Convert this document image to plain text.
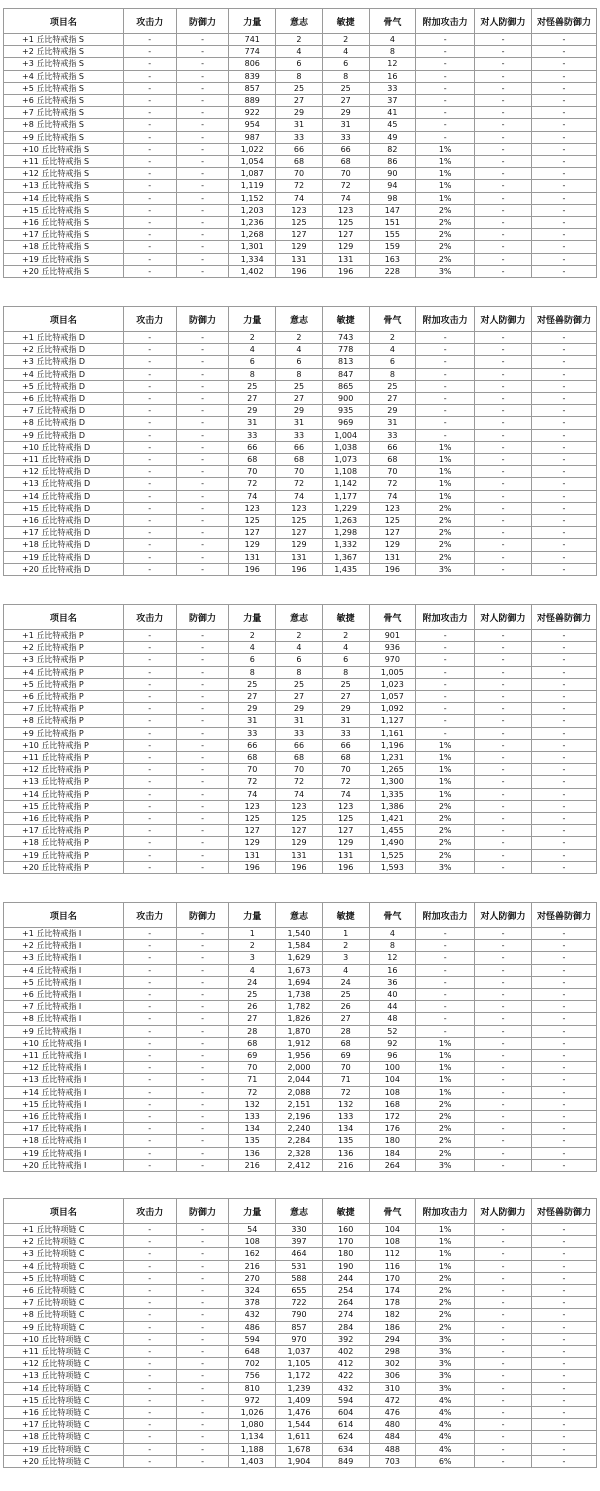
项目名	攻击力	防御力	力量	意志	敏捷	骨气	附加攻击力	对人防御力	对怪兽防御力
+1 丘比特戒指 S	-	-	741	2	2	4	-	-	-
+2 丘比特戒指 S	-	-	774	4	4	8	-	-	-
+3 丘比特戒指 S	-	-	806	6	6	12	-	-	-
+4 丘比特戒指 S	-	-	839	8	8	16	-	-	-
+5 丘比特戒指 S	-	-	857	25	25	33	-	-	-
+6 丘比特戒指 S	-	-	889	27	27	37	-	-	-
+7 丘比特戒指 S	-	-	922	29	29	41	-	-	-
+8 丘比特戒指 S	-	-	954	31	31	45	-	-	-
+9 丘比特戒指 S	-	-	987	33	33	49	-	-	-
+10 丘比特戒指 S	-	-	1,022	66	66	82	1%	-	-
+11 丘比特戒指 S	-	-	1,054	68	68	86	1%	-	-
+12 丘比特戒指 S	-	-	1,087	70	70	90	1%	-	-
+13 丘比特戒指 S	-	-	1,119	72	72	94	1%	-	-
+14 丘比特戒指 S	-	-	1,152	74	74	98	1%	-	-
+15 丘比特戒指 S	-	-	1,203	123	123	147	2%	-	-
+16 丘比特戒指 S	-	-	1,236	125	125	151	2%	-	-
+17 丘比特戒指 S	-	-	1,268	127	127	155	2%	-	-
+18 丘比特戒指 S	-	-	1,301	129	129	159	2%	-	-
+19 丘比特戒指 S	-	-	1,334	131	131	163	2%	-	-
+20 丘比特戒指 S	-	-	1,402	196	196	228	3%	-	-
项目名	攻击力	防御力	力量	意志	敏捷	骨气	附加攻击力	对人防御力	对怪兽防御力
+1 丘比特戒指 D	-	-	2	2	743	2	-	-	-
+2 丘比特戒指 D	-	-	4	4	778	4	-	-	-
+3 丘比特戒指 D	-	-	6	6	813	6	-	-	-
+4 丘比特戒指 D	-	-	8	8	847	8	-	-	-
+5 丘比特戒指 D	-	-	25	25	865	25	-	-	-
+6 丘比特戒指 D	-	-	27	27	900	27	-	-	-
+7 丘比特戒指 D	-	-	29	29	935	29	-	-	-
+8 丘比特戒指 D	-	-	31	31	969	31	-	-	-
+9 丘比特戒指 D	-	-	33	33	1,004	33	-	-	-
+10 丘比特戒指 D	-	-	66	66	1,038	66	1%	-	-
+11 丘比特戒指 D	-	-	68	68	1,073	68	1%	-	-
+12 丘比特戒指 D	-	-	70	70	1,108	70	1%	-	-
+13 丘比特戒指 D	-	-	72	72	1,142	72	1%	-	-
+14 丘比特戒指 D	-	-	74	74	1,177	74	1%	-	-
+15 丘比特戒指 D	-	-	123	123	1,229	123	2%	-	-
+16 丘比特戒指 D	-	-	125	125	1,263	125	2%	-	-
+17 丘比特戒指 D	-	-	127	127	1,298	127	2%	-	-
+18 丘比特戒指 D	-	-	129	129	1,332	129	2%	-	-
+19 丘比特戒指 D	-	-	131	131	1,367	131	2%	-	-
+20 丘比特戒指 D	-	-	196	196	1,435	196	3%	-	-
项目名	攻击力	防御力	力量	意志	敏捷	骨气	附加攻击力	对人防御力	对怪兽防御力
+1 丘比特戒指 P	-	-	2	2	2	901	-	-	-
+2 丘比特戒指 P	-	-	4	4	4	936	-	-	-
+3 丘比特戒指 P	-	-	6	6	6	970	-	-	-
+4 丘比特戒指 P	-	-	8	8	8	1,005	-	-	-
+5 丘比特戒指 P	-	-	25	25	25	1,023	-	-	-
+6 丘比特戒指 P	-	-	27	27	27	1,057	-	-	-
+7 丘比特戒指 P	-	-	29	29	29	1,092	-	-	-
+8 丘比特戒指 P	-	-	31	31	31	1,127	-	-	-
+9 丘比特戒指 P	-	-	33	33	33	1,161	-	-	-
+10 丘比特戒指 P	-	-	66	66	66	1,196	1%	-	-
+11 丘比特戒指 P	-	-	68	68	68	1,231	1%	-	-
+12 丘比特戒指 P	-	-	70	70	70	1,265	1%	-	-
+13 丘比特戒指 P	-	-	72	72	72	1,300	1%	-	-
+14 丘比特戒指 P	-	-	74	74	74	1,335	1%	-	-
+15 丘比特戒指 P	-	-	123	123	123	1,386	2%	-	-
+16 丘比特戒指 P	-	-	125	125	125	1,421	2%	-	-
+17 丘比特戒指 P	-	-	127	127	127	1,455	2%	-	-
+18 丘比特戒指 P	-	-	129	129	129	1,490	2%	-	-
+19 丘比特戒指 P	-	-	131	131	131	1,525	2%	-	-
+20 丘比特戒指 P	-	-	196	196	196	1,593	3%	-	-
项目名	攻击力	防御力	力量	意志	敏捷	骨气	附加攻击力	对人防御力	对怪兽防御力
+1 丘比特戒指 I	-	-	1	1,540	1	4	-	-	-
+2 丘比特戒指 I	-	-	2	1,584	2	8	-	-	-
+3 丘比特戒指 I	-	-	3	1,629	3	12	-	-	-
+4 丘比特戒指 I	-	-	4	1,673	4	16	-	-	-
+5 丘比特戒指 I	-	-	24	1,694	24	36	-	-	-
+6 丘比特戒指 I	-	-	25	1,738	25	40	-	-	-
+7 丘比特戒指 I	-	-	26	1,782	26	44	-	-	-
+8 丘比特戒指 I	-	-	27	1,826	27	48	-	-	-
+9 丘比特戒指 I	-	-	28	1,870	28	52	-	-	-
+10 丘比特戒指 I	-	-	68	1,912	68	92	1%	-	-
+11 丘比特戒指 I	-	-	69	1,956	69	96	1%	-	-
+12 丘比特戒指 I	-	-	70	2,000	70	100	1%	-	-
+13 丘比特戒指 I	-	-	71	2,044	71	104	1%	-	-
+14 丘比特戒指 I	-	-	72	2,088	72	108	1%	-	-
+15 丘比特戒指 I	-	-	132	2,151	132	168	2%	-	-
+16 丘比特戒指 I	-	-	133	2,196	133	172	2%	-	-
+17 丘比特戒指 I	-	-	134	2,240	134	176	2%	-	-
+18 丘比特戒指 I	-	-	135	2,284	135	180	2%	-	-
+19 丘比特戒指 I	-	-	136	2,328	136	184	2%	-	-
+20 丘比特戒指 I	-	-	216	2,412	216	264	3%	-	-
项目名	攻击力	防御力	力量	意志	敏捷	骨气	附加攻击力	对人防御力	对怪兽防御力
+1 丘比特项链 C	-	-	54	330	160	104	1%	-	-
+2 丘比特项链 C	-	-	108	397	170	108	1%	-	-
+3 丘比特项链 C	-	-	162	464	180	112	1%	-	-
+4 丘比特项链 C	-	-	216	531	190	116	1%	-	-
+5 丘比特项链 C	-	-	270	588	244	170	2%	-	-
+6 丘比特项链 C	-	-	324	655	254	174	2%	-	-
+7 丘比特项链 C	-	-	378	722	264	178	2%	-	-
+8 丘比特项链 C	-	-	432	790	274	182	2%	-	-
+9 丘比特项链 C	-	-	486	857	284	186	2%	-	-
+10 丘比特项链 C	-	-	594	970	392	294	3%	-	-
+11 丘比特项链 C	-	-	648	1,037	402	298	3%	-	-
+12 丘比特项链 C	-	-	702	1,105	412	302	3%	-	-
+13 丘比特项链 C	-	-	756	1,172	422	306	3%	-	-
+14 丘比特项链 C	-	-	810	1,239	432	310	3%	-	-
+15 丘比特项链 C	-	-	972	1,409	594	472	4%	-	-
+16 丘比特项链 C	-	-	1,026	1,476	604	476	4%	-	-
+17 丘比特项链 C	-	-	1,080	1,544	614	480	4%	-	-
+18 丘比特项链 C	-	-	1,134	1,611	624	484	4%	-	-
+19 丘比特项链 C	-	-	1,188	1,678	634	488	4%	-	-
+20 丘比特项链 C	-	-	1,403	1,904	849	703	6%	-	-
